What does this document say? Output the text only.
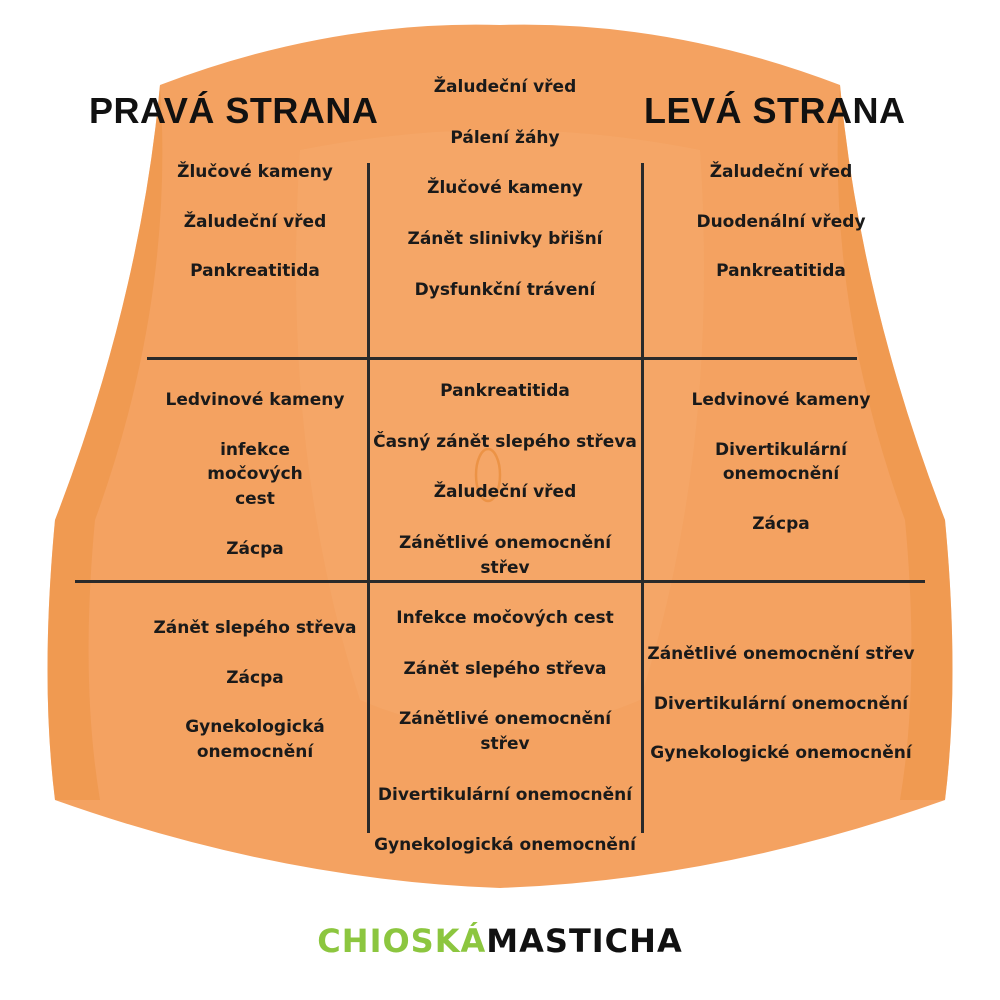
PRAVÁ STRANA	LEVÁ STRANA
Žlučové kameny
Žaludeční vřed
Pankreatitida
Žaludeční vřed
Pálení žáhy
Žlučové kameny
Zánět slinivky břišní
Dysfunkční trávení
Žaludeční vřed
Duodenální vředy
Pankreatitida
Ledvinové kameny
infekce
močových
cest
Zácpa
Pankreatitida
Časný zánět slepého střeva
Žaludeční vřed
Zánětlivé onemocnění střev
Ledvinové kameny
Divertikulární
onemocnění
Zácpa
Zánět slepého střeva
Zácpa
Gynekologická
onemocnění
Infekce močových cest
Zánět slepého střeva
Zánětlivé onemocnění střev
Divertikulární onemocnění
Gynekologická onemocnění
Zánětlivé onemocnění střev
Divertikulární onemocnění
Gynekologické onemocnění
CHIOSKÁMASTICHA
